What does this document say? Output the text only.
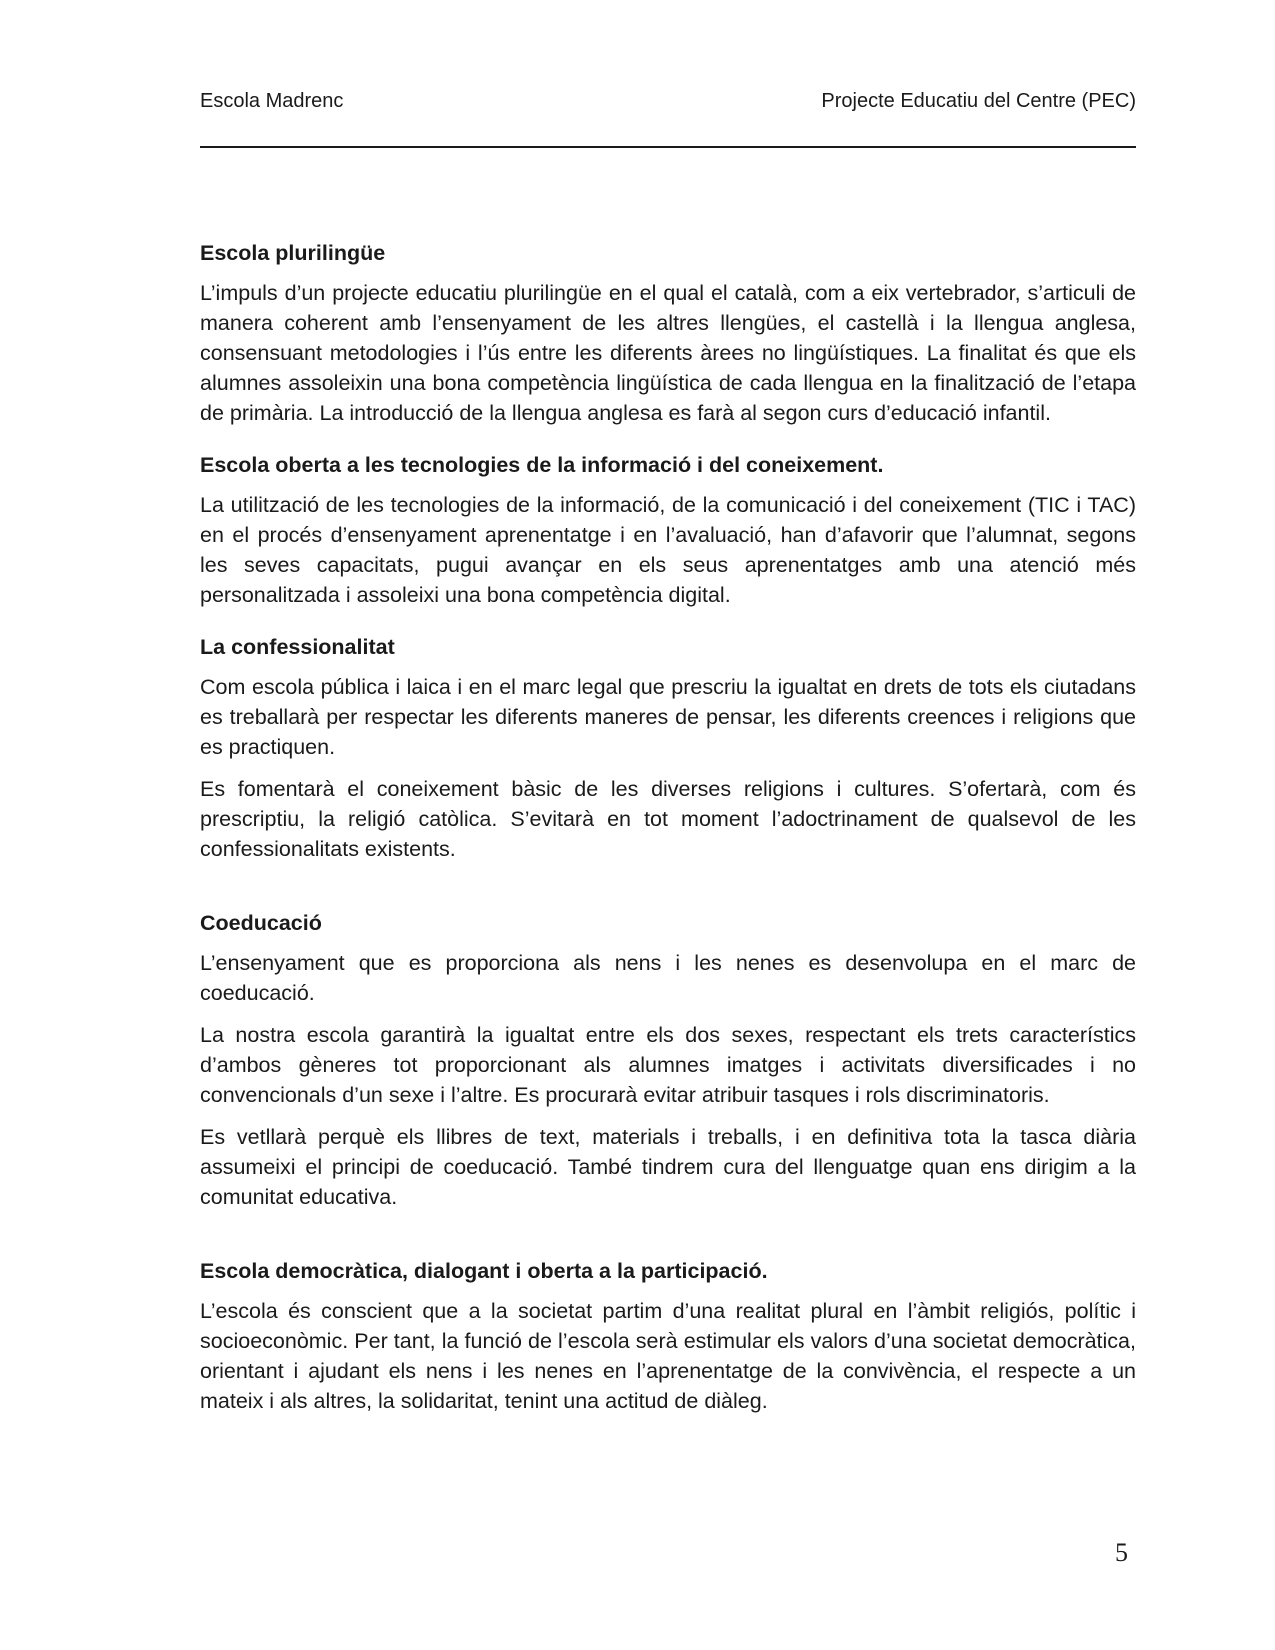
Escola Madrenc	Projecte Educatiu del Centre (PEC)
Escola plurilingüe

L’impuls d’un projecte educatiu plurilingüe en el qual el català, com a eix vertebrador, s’articuli de manera coherent amb l’ensenyament de les altres llengües, el castellà i la llengua anglesa, consensuant metodologies i l’ús entre les diferents àrees no lingüístiques. La finalitat és que els alumnes assoleixin una bona competència lingüística de cada llengua en la finalització de l’etapa de primària. La introducció de la llengua anglesa es farà al segon curs d’educació infantil.

Escola oberta a les tecnologies de la informació i del coneixement.

La utilització de les tecnologies de la informació, de la comunicació i del coneixement (TIC i TAC) en el procés d’ensenyament aprenentatge i en l’avaluació, han d’afavorir que l’alumnat, segons les seves capacitats, pugui avançar en els seus aprenentatges amb una atenció més personalitzada i assoleixi una bona competència digital.

La confessionalitat

Com escola pública i laica i en el marc legal que prescriu la igualtat en drets de tots els ciutadans es treballarà per respectar les diferents maneres de pensar, les diferents creences i religions que es practiquen.

Es fomentarà el coneixement bàsic de les diverses religions i cultures. S’ofertarà, com és prescriptiu, la religió catòlica. S’evitarà en tot moment l’adoctrinament de qualsevol de les confessionalitats existents.

Coeducació

L’ensenyament que es proporciona als nens i les nenes es desenvolupa en el marc de coeducació.

La nostra escola garantirà la igualtat entre els dos sexes, respectant els trets característics d’ambos gèneres tot proporcionant als alumnes imatges i activitats diversificades i no convencionals d’un sexe i l’altre. Es procurarà evitar atribuir tasques i rols discriminatoris.

Es vetllarà perquè els llibres de text, materials i treballs, i en definitiva tota la tasca diària assumeixi el principi de coeducació. També tindrem cura del llenguatge quan ens dirigim a la comunitat educativa.

Escola democràtica, dialogant i oberta a la participació.

L’escola és conscient que a la societat partim d’una realitat plural en l’àmbit religiós, polític i socioeconòmic. Per tant, la funció de l’escola serà estimular els valors d’una societat democràtica, orientant i ajudant els nens i les nenes en l’aprenentatge de la convivència, el respecte a un mateix i als altres, la solidaritat, tenint una actitud de diàleg.

5
